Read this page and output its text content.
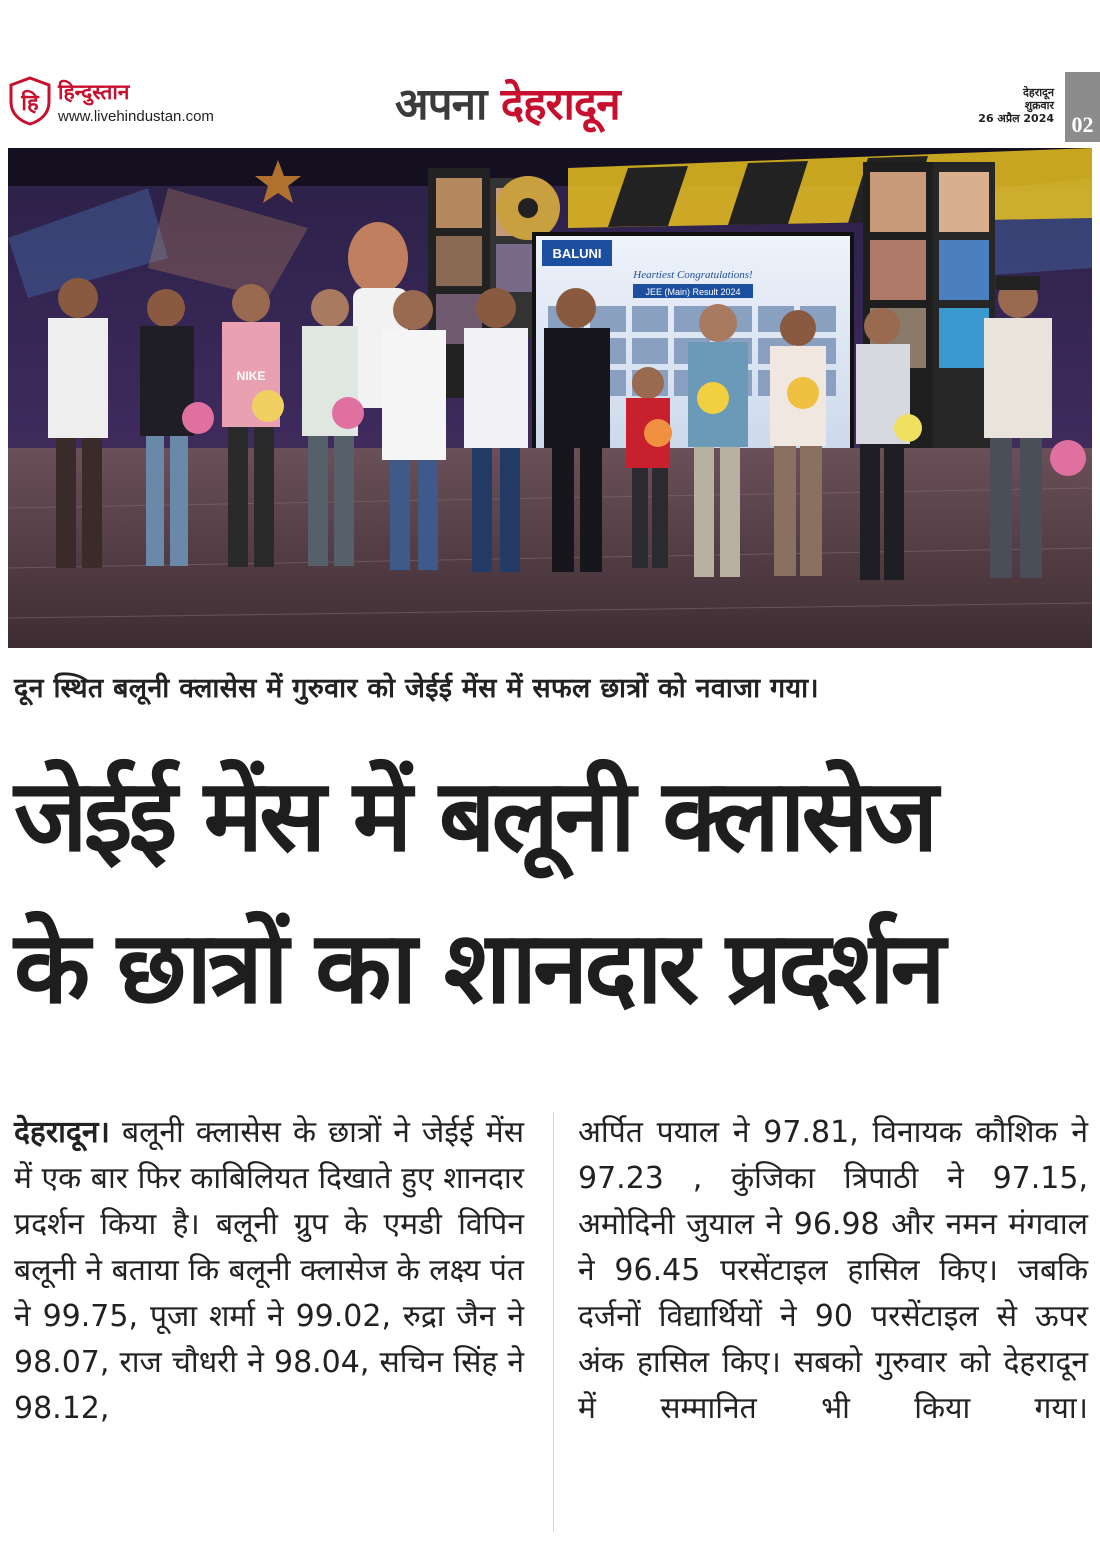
हि हिन्दुस्तान
www.livehindustan.com	अपना देहरादून	देहरादून
शुक्रवार
26 अप्रैल 2024 02
BALUNI
Heartiest Congratulations!
JEE (Main) Result 2024
NIKE
दून स्थित बलूनी क्लासेस में गुरुवार को जेईई मेंस में सफल छात्रों को नवाजा गया।
जेईई मेंस में बलूनी क्लासेज
के छात्रों का शानदार प्रदर्शन

देहरादून। बलूनी क्लासेस के छात्रों ने जेईई मेंस में एक बार फिर काबिलियत दिखाते हुए शानदार प्रदर्शन किया है। बलूनी ग्रुप के एमडी विपिन बलूनी ने बताया कि बलूनी क्लासेज के लक्ष्य पंत ने 99.75, पूजा शर्मा ने 99.02, रुद्रा जैन ने 98.07, राज चौधरी ने 98.04, सचिन सिंह ने 98.12,

अर्पित पयाल ने 97.81, विनायक कौशिक ने 97.23 , कुंजिका त्रिपाठी ने 97.15, अमोदिनी जुयाल ने 96.98 और नमन मंगवाल ने 96.45 परसेंटाइल हासिल किए। जबकि दर्जनों विद्यार्थियों ने 90 परसेंटाइल से ऊपर अंक हासिल किए। सबको गुरुवार को देहरादून में सम्मानित भी किया गया।
